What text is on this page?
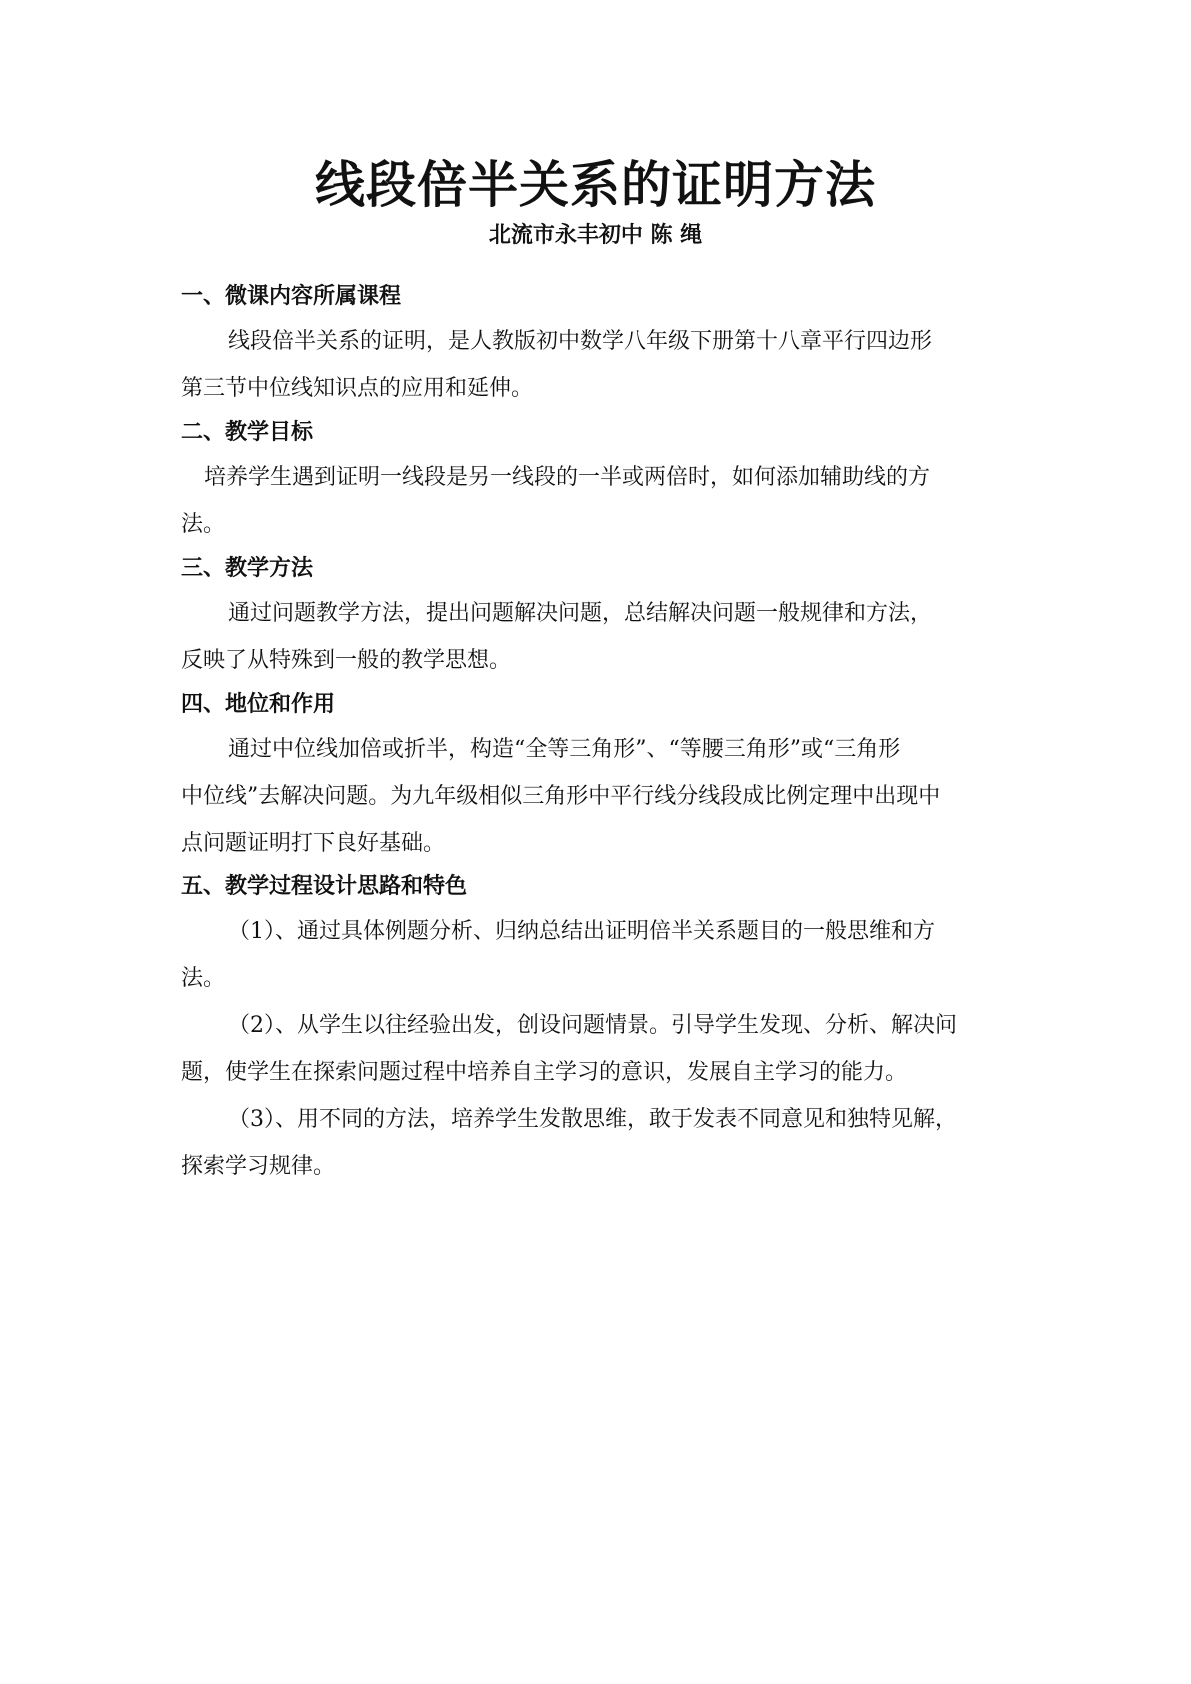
线段倍半关系的证明方法
北流市永丰初中 陈 绳
一、微课内容所属课程
线段倍半关系的证明，是人教版初中数学八年级下册第十八章平行四边形
第三节中位线知识点的应用和延伸。
二、教学目标
培养学生遇到证明一线段是另一线段的一半或两倍时，如何添加辅助线的方
法。
三、教学方法
通过问题教学方法，提出问题解决问题，总结解决问题一般规律和方法，
反映了从特殊到一般的教学思想。
四、地位和作用
通过中位线加倍或折半，构造“全等三角形”、“等腰三角形”或“三角形
中位线”去解决问题。为九年级相似三角形中平行线分线段成比例定理中出现中
点问题证明打下良好基础。
五、教学过程设计思路和特色
（1）、通过具体例题分析、归纳总结出证明倍半关系题目的一般思维和方
法。
（2）、从学生以往经验出发，创设问题情景。引导学生发现、分析、解决问
题，使学生在探索问题过程中培养自主学习的意识，发展自主学习的能力。
（3）、用不同的方法，培养学生发散思维，敢于发表不同意见和独特见解，
探索学习规律。
